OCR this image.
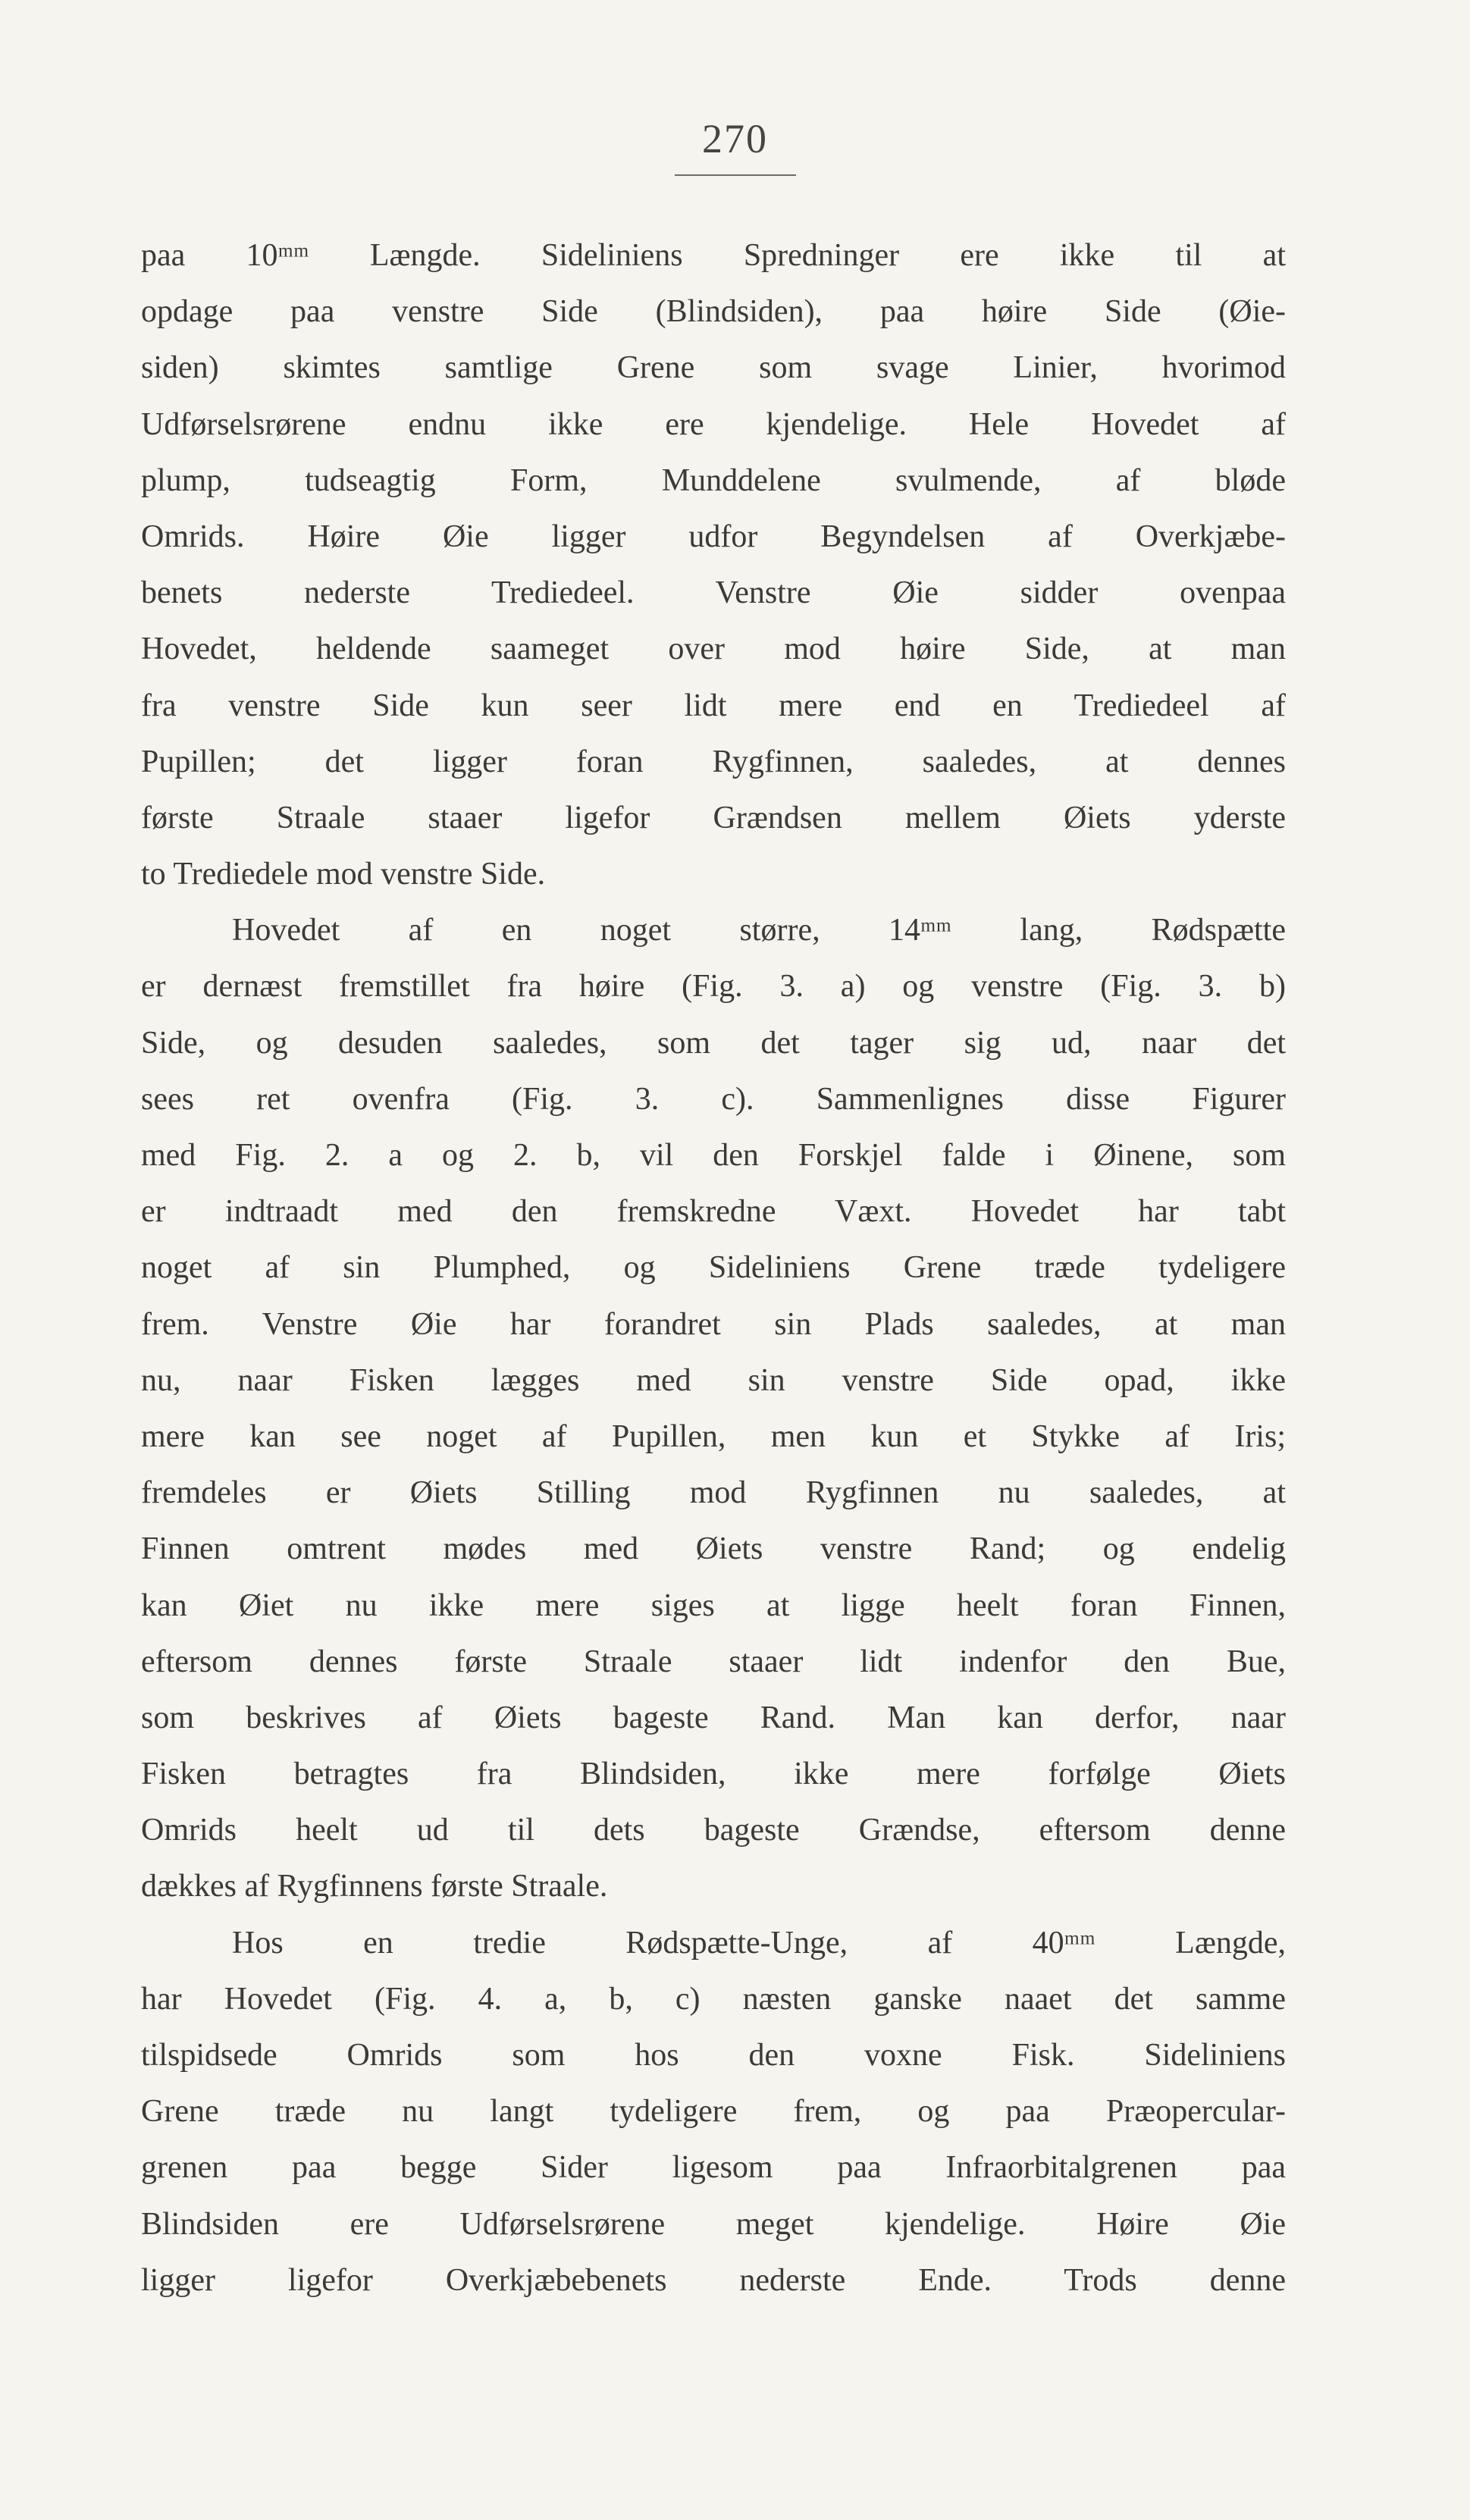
270
paa 10ᵐᵐ Længde. Sideliniens Spredninger ere ikke til at
opdage paa venstre Side (Blindsiden), paa høire Side (Øie-
siden) skimtes samtlige Grene som svage Linier, hvorimod
Udførselsrørene endnu ikke ere kjendelige. Hele Hovedet af
plump, tudseagtig Form, Munddelene svulmende, af bløde
Omrids. Høire Øie ligger udfor Begyndelsen af Overkjæbe-
benets nederste Trediedeel. Venstre Øie sidder ovenpaa
Hovedet, heldende saameget over mod høire Side, at man
fra venstre Side kun seer lidt mere end en Trediedeel af
Pupillen; det ligger foran Rygfinnen, saaledes, at dennes
første Straale staaer ligefor Grændsen mellem Øiets yderste
to Trediedele mod venstre Side.
Hovedet af en noget større, 14ᵐᵐ lang, Rødspætte
er dernæst fremstillet fra høire (Fig. 3. a) og venstre (Fig. 3. b)
Side, og desuden saaledes, som det tager sig ud, naar det
sees ret ovenfra (Fig. 3. c). Sammenlignes disse Figurer
med Fig. 2. a og 2. b, vil den Forskjel falde i Øinene, som
er indtraadt med den fremskredne Væxt. Hovedet har tabt
noget af sin Plumphed, og Sideliniens Grene træde tydeligere
frem. Venstre Øie har forandret sin Plads saaledes, at man
nu, naar Fisken lægges med sin venstre Side opad, ikke
mere kan see noget af Pupillen, men kun et Stykke af Iris;
fremdeles er Øiets Stilling mod Rygfinnen nu saaledes, at
Finnen omtrent mødes med Øiets venstre Rand; og endelig
kan Øiet nu ikke mere siges at ligge heelt foran Finnen,
eftersom dennes første Straale staaer lidt indenfor den Bue,
som beskrives af Øiets bageste Rand. Man kan derfor, naar
Fisken betragtes fra Blindsiden, ikke mere forfølge Øiets
Omrids heelt ud til dets bageste Grændse, eftersom denne
dækkes af Rygfinnens første Straale.
Hos en tredie Rødspætte-Unge, af 40ᵐᵐ Længde,
har Hovedet (Fig. 4. a, b, c) næsten ganske naaet det samme
tilspidsede Omrids som hos den voxne Fisk. Sideliniens
Grene træde nu langt tydeligere frem, og paa Præopercular-
grenen paa begge Sider ligesom paa Infraorbitalgrenen paa
Blindsiden ere Udførselsrørene meget kjendelige. Høire Øie
ligger ligefor Overkjæbebenets nederste Ende. Trods denne
